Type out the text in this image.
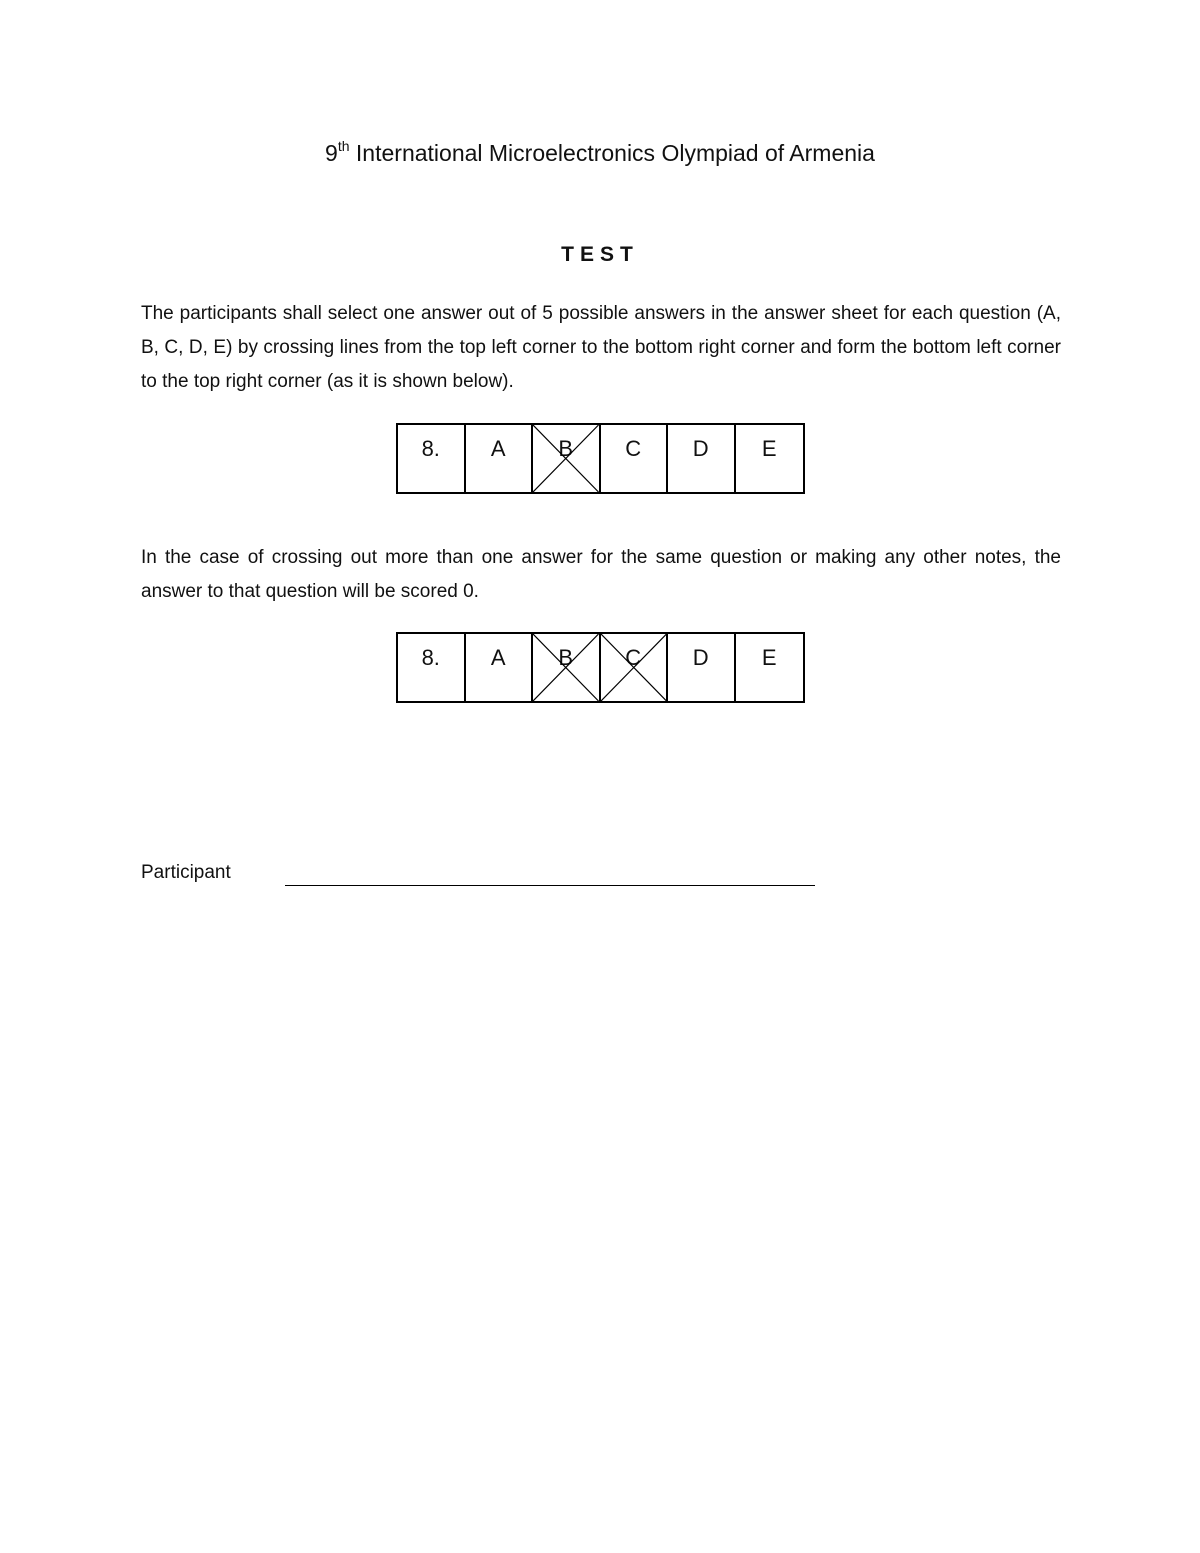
9th International Microelectronics Olympiad of Armenia
TEST
The participants shall select one answer out of 5 possible answers in the answer sheet for each question (A, B, C, D, E) by crossing lines from the top left corner to the bottom right corner and form the bottom left corner to the top right corner (as it is shown below).
8.	A	B	C	D	E
In the case of crossing out more than one answer for the same question or making any other notes, the answer to that question will be scored 0.
8.	A	B	C	D	E
Participant
